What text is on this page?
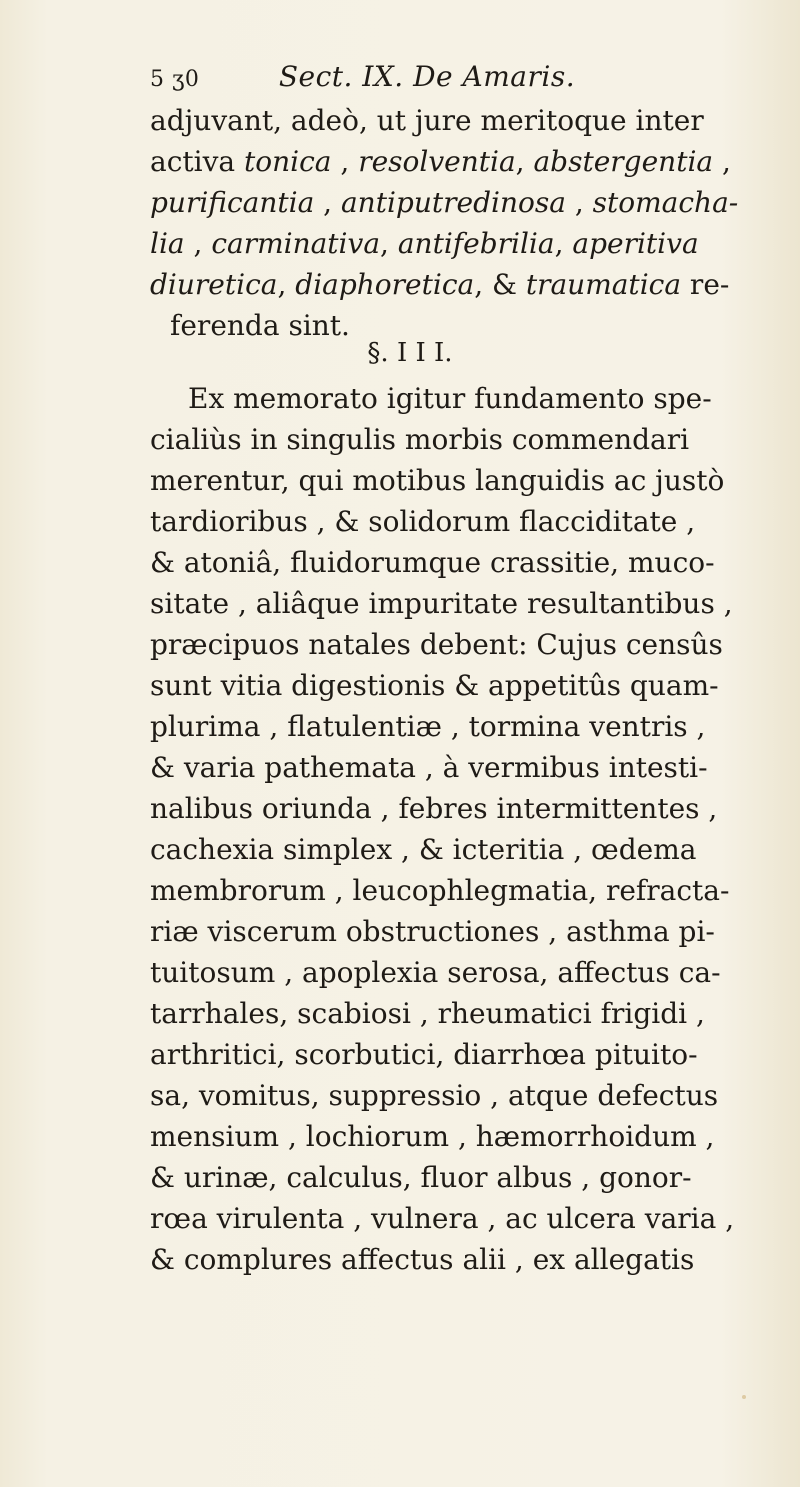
5 ʒ0	Sect. IX. De Amaris.
adjuvant, adeò, ut jure meritoque inter
activa tonica , resolventia, abstergentia ,
purificantia , antiputredinosa , stomacha-
lia , carminativa, antifebrilia, aperitiva
diuretica, diaphoretica, & traumatica re-
ferenda sint.
§. I I I.
Ex memorato igitur fundamento spe-
cialiùs in singulis morbis commendari
merentur, qui motibus languidis ac justò
tardioribus , & solidorum flacciditate ,
& atoniâ, fluidorumque crassitie, muco-
sitate , aliâque impuritate resultantibus ,
præcipuos natales debent: Cujus censûs
sunt vitia digestionis & appetitûs quam-
plurima , flatulentiæ , tormina ventris ,
& varia pathemata , à vermibus intesti-
nalibus oriunda , febres intermittentes ,
cachexia simplex , & icteritia , œdema
membrorum , leucophlegmatia, refracta-
riæ viscerum obstructiones , asthma pi-
tuitosum , apoplexia serosa, affectus ca-
tarrhales, scabiosi , rheumatici frigidi ,
arthritici, scorbutici, diarrhœa pituito-
sa, vomitus, suppressio , atque defectus
mensium , lochiorum , hæmorrhoidum ,
& urinæ, calculus, fluor albus , gonor-
rœa virulenta , vulnera , ac ulcera varia ,
& complures affectus alii , ex allegatis
